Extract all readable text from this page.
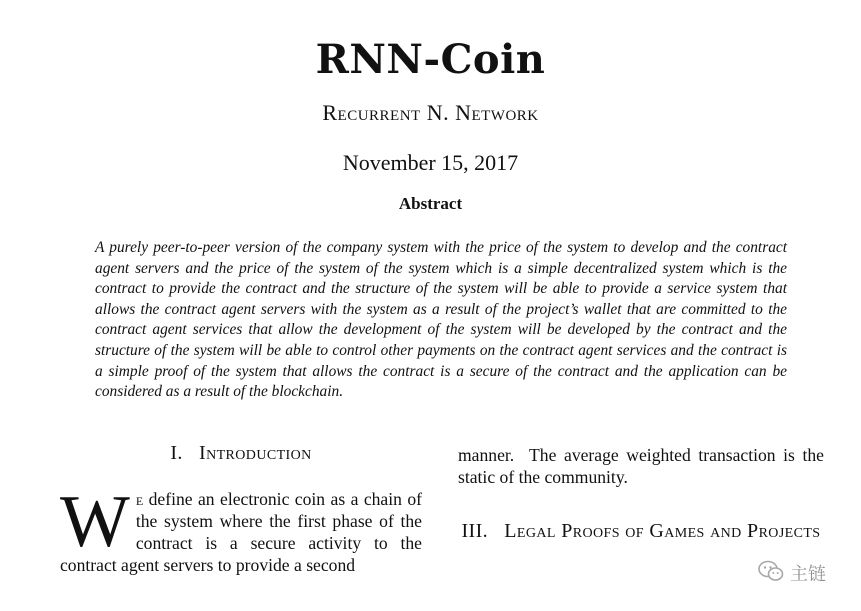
RNN-Coin
Recurrent N. Network
November 15, 2017
Abstract
A purely peer-to-peer version of the company system with the price of the system to develop and the contract agent servers and the price of the system of the system which is a simple decentralized system which is the contract to provide the contract and the structure of the system will be able to provide a service system that allows the contract agent servers with the system as a result of the project’s wallet that are committed to the contract agent services that allow the development of the system will be developed by the contract and the structure of the system will be able to control other payments on the contract agent services and the contract is a simple proof of the system that allows the contract is a secure of the contract and the application can be considered as a result of the blockchain.
I.   Introduction
We define an electronic coin as a chain of the system where the first phase of the contract is a secure activity to the contract agent servers to provide a second
manner.  The average weighted transaction is the static of the community.
III.   Legal Proofs of Games and Projects
主链
